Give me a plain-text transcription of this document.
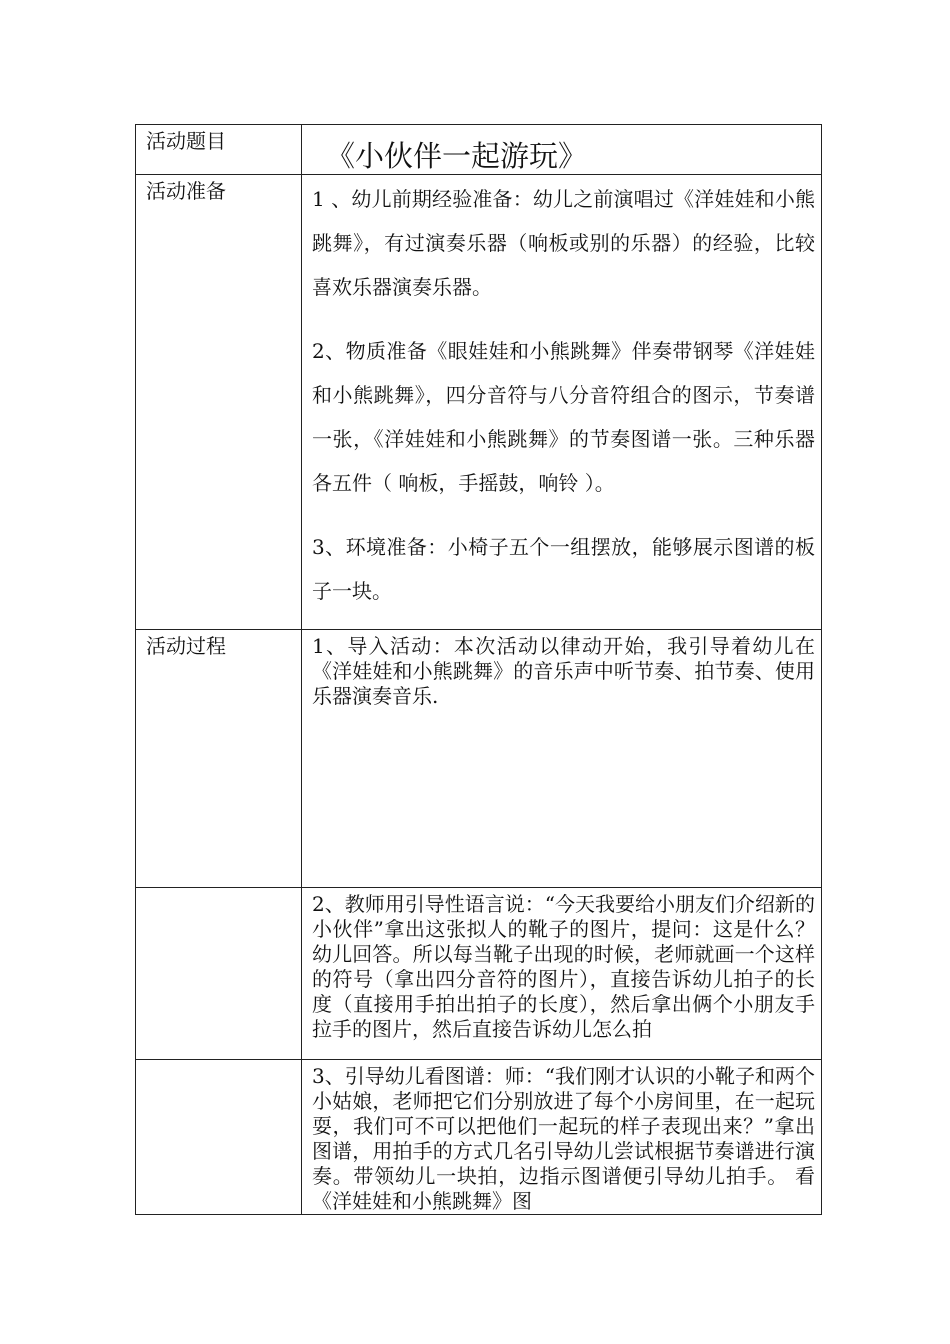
活动题目	《小伙伴一起游玩》

活动准备	1 、幼儿前期经验准备：幼儿之前演唱过《洋娃娃和小熊跳舞》，有过演奏乐器（响板或别的乐器）的经验，比较喜欢乐器演奏乐器。

2、物质准备《眼娃娃和小熊跳舞》伴奏带钢琴《洋娃娃和小熊跳舞》，四分音符与八分音符组合的图示，节奏谱一张，《洋娃娃和小熊跳舞》的节奏图谱一张。三种乐器各五件（ 响板，手摇鼓，响铃 ）。

3、环境准备：小椅子五个一组摆放，能够展示图谱的板子一块。

活动过程	1、导入活动：本次活动以律动开始，我引导着幼儿在《洋娃娃和小熊跳舞》的音乐声中听节奏、拍节奏、使用乐器演奏音乐.

	2、教师用引导性语言说：“今天我要给小朋友们介绍新的小伙伴”拿出这张拟人的靴子的图片，提问：这是什么？幼儿回答。所以每当靴子出现的时候，老师就画一个这样的符号（拿出四分音符的图片），直接告诉幼儿拍子的长度（直接用手拍出拍子的长度），然后拿出俩个小朋友手拉手的图片，然后直接告诉幼儿怎么拍

	3、引导幼儿看图谱：师：“我们刚才认识的小靴子和两个小姑娘，老师把它们分别放进了每个小房间里，在一起玩耍，我们可不可以把他们一起玩的样子表现出来？”拿出图谱，用拍手的方式几名引导幼儿尝试根据节奏谱进行演奏。带领幼儿一块拍，边指示图谱便引导幼儿拍手。 看《洋娃娃和小熊跳舞》图
